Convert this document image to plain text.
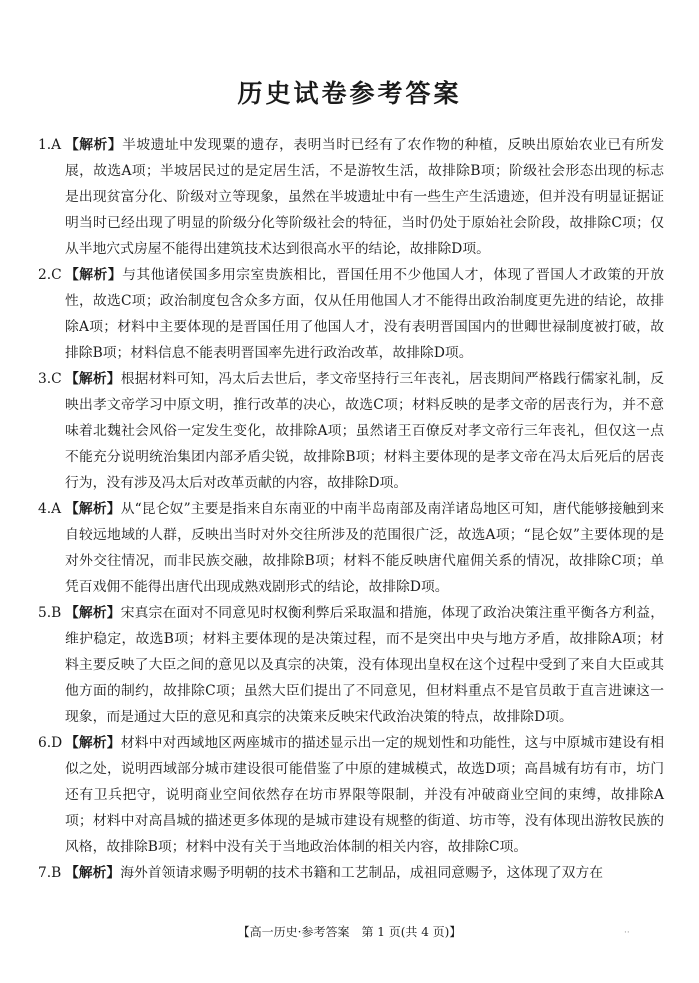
历史试卷参考答案

1.A 【解析】半坡遗址中发现粟的遗存，表明当时已经有了农作物的种植，反映出原始农业已有所发展，故选A项；半坡居民过的是定居生活，不是游牧生活，故排除B项；阶级社会形态出现的标志是出现贫富分化、阶级对立等现象，虽然在半坡遗址中有一些生产生活遗迹，但并没有明显证据证明当时已经出现了明显的阶级分化等阶级社会的特征，当时仍处于原始社会阶段，故排除C项；仅从半地穴式房屋不能得出建筑技术达到很高水平的结论，故排除D项。

2.C 【解析】与其他诸侯国多用宗室贵族相比，晋国任用不少他国人才，体现了晋国人才政策的开放性，故选C项；政治制度包含众多方面，仅从任用他国人才不能得出政治制度更先进的结论，故排除A项；材料中主要体现的是晋国任用了他国人才，没有表明晋国国内的世卿世禄制度被打破，故排除B项；材料信息不能表明晋国率先进行政治改革，故排除D项。

3.C 【解析】根据材料可知，冯太后去世后，孝文帝坚持行三年丧礼，居丧期间严格践行儒家礼制，反映出孝文帝学习中原文明，推行改革的决心，故选C项；材料反映的是孝文帝的居丧行为，并不意味着北魏社会风俗一定发生变化，故排除A项；虽然诸王百僚反对孝文帝行三年丧礼，但仅这一点不能充分说明统治集团内部矛盾尖锐，故排除B项；材料主要体现的是孝文帝在冯太后死后的居丧行为，没有涉及冯太后对改革贡献的内容，故排除D项。

4.A 【解析】从“昆仑奴”主要是指来自东南亚的中南半岛南部及南洋诸岛地区可知，唐代能够接触到来自较远地域的人群，反映出当时对外交往所涉及的范围很广泛，故选A项；“昆仑奴”主要体现的是对外交往情况，而非民族交融，故排除B项；材料不能反映唐代雇佣关系的情况，故排除C项；单凭百戏佣不能得出唐代出现成熟戏剧形式的结论，故排除D项。

5.B 【解析】宋真宗在面对不同意见时权衡利弊后采取温和措施，体现了政治决策注重平衡各方利益，维护稳定，故选B项；材料主要体现的是决策过程，而不是突出中央与地方矛盾，故排除A项；材料主要反映了大臣之间的意见以及真宗的决策，没有体现出皇权在这个过程中受到了来自大臣或其他方面的制约，故排除C项；虽然大臣们提出了不同意见，但材料重点不是官员敢于直言进谏这一现象，而是通过大臣的意见和真宗的决策来反映宋代政治决策的特点，故排除D项。

6.D 【解析】材料中对西域地区两座城市的描述显示出一定的规划性和功能性，这与中原城市建设有相似之处，说明西域部分城市建设很可能借鉴了中原的建城模式，故选D项；高昌城有坊有市，坊门还有卫兵把守，说明商业空间依然存在坊市界限等限制，并没有冲破商业空间的束缚，故排除A项；材料中对高昌城的描述更多体现的是城市建设有规整的街道、坊市等，没有体现出游牧民族的风格，故排除B项；材料中没有关于当地政治体制的相关内容，故排除C项。

7.B 【解析】海外首领请求赐予明朝的技术书籍和工艺制品，成祖同意赐予，这体现了双方在

【高一历史·参考答案　第 1 页(共 4 页)】	··
